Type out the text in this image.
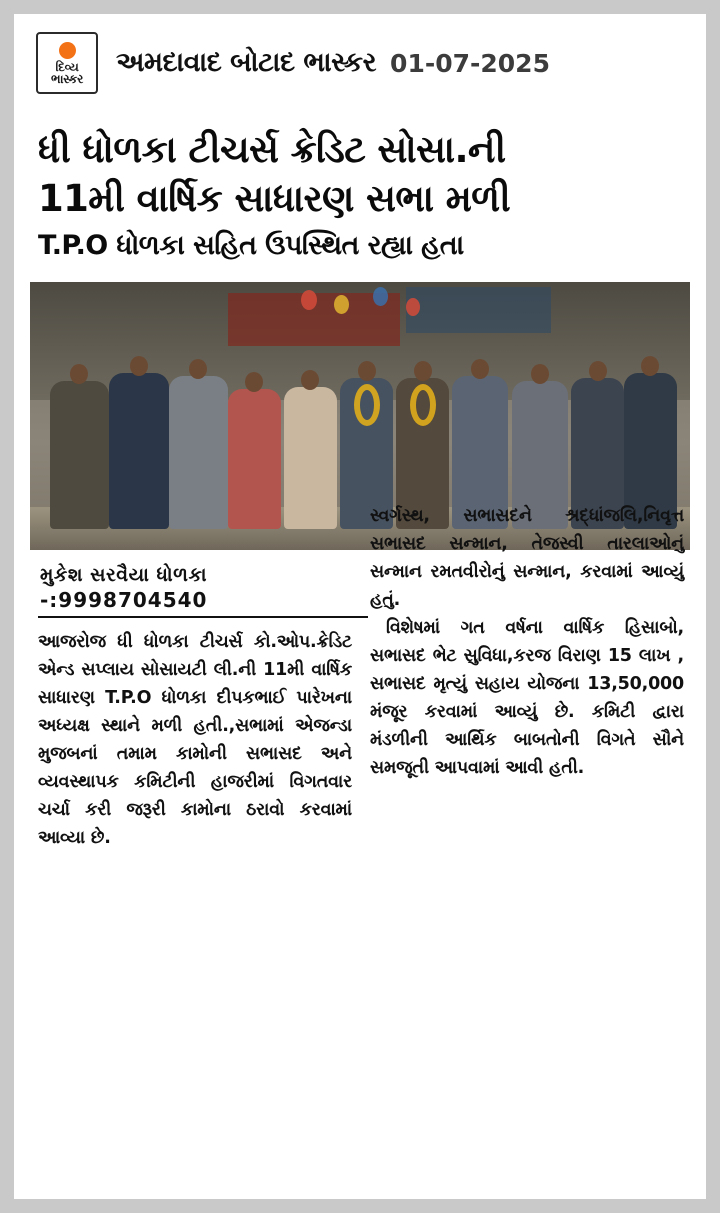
દિવ્ય
ભાસ્કર
અમદાવાદ બોટાદ ભાસ્કર 01-07-2025
ધી ધોળકા ટીચર્સ ક્રેડિટ સોસા.ની
11મી વાર્ષિક સાધારણ સભા મળી
T.P.O ધોળકા સહિત ઉપસ્થિત રહ્યા હતા
મુકેશ સરવૈયા ધોળકા
-:9998704540

આજરોજ ધી ધોળકા ટીચર્સ કો.ઓપ.ક્રેડિટ એન્ડ સપ્લાય સોસાયટી લી.ની 11મી વાર્ષિક સાધારણ T.P.O ધોળકા દીપકભાઈ પારેખના અધ્યક્ષ સ્થાને મળી હતી.,સભામાં એજન્ડા મુજબનાં તમામ કામોની સભાસદ અને વ્યવસ્થાપક કમિટીની હાજરીમાં વિગતવાર ચર્ચા કરી જરૂરી કામોના ઠરાવો કરવામાં આવ્યા છે.

સ્વર્ગસ્થ, સભાસદને શ્રદ્ધાંજલિ,નિવૃત્ત સભાસદ સન્માન, તેજસ્વી તારલાઓનું સન્માન રમતવીરોનું સન્માન, કરવામાં આવ્યું હતું.

વિશેષમાં ગત વર્ષના વાર્ષિક હિસાબો, સભાસદ ભેટ સુવિધા,કરજ વિરાણ 15 લાખ , સભાસદ મૃત્યું સહાય યોજના 13,50,000 મંજૂર કરવામાં આવ્યું છે. કમિટી દ્વારા મંડળીની આર્થિક બાબતોની વિગતે સૌને સમજૂતી આપવામાં આવી હતી.
